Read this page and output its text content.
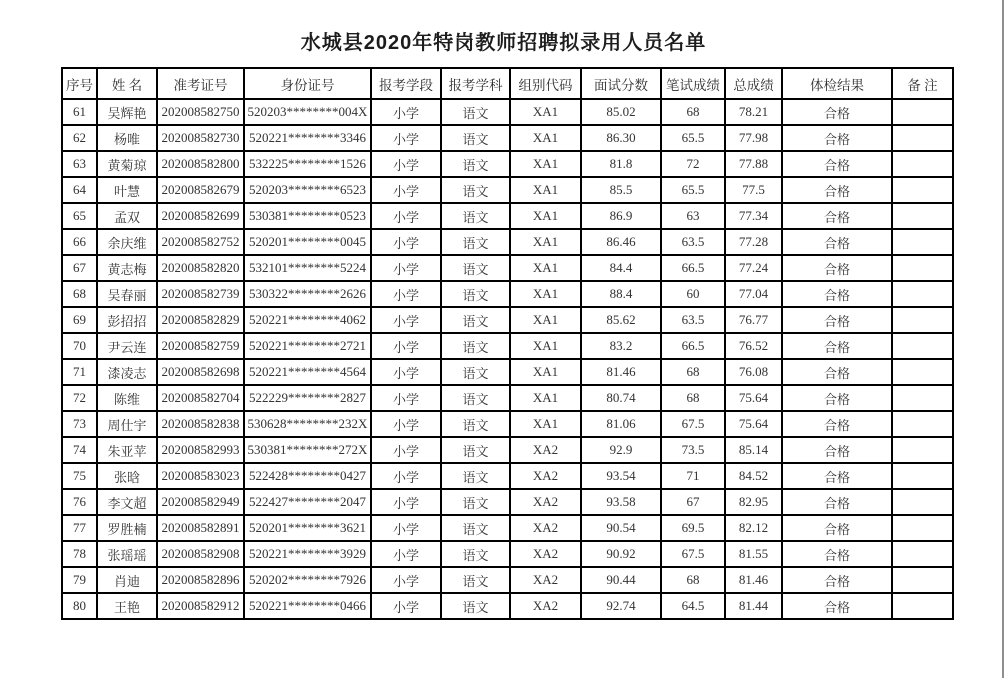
水城县2020年特岗教师招聘拟录用人员名单
序号	姓 名	准考证号	身份证号	报考学段	报考学科	组别代码	面试分数	笔试成绩	总成绩	体检结果	备 注
61	吴辉艳	202008582750	520203********004X	小学	语文	XA1	85.02	68	78.21	合格	
62	杨唯	202008582730	520221********3346	小学	语文	XA1	86.30	65.5	77.98	合格	
63	黄菊琼	202008582800	532225********1526	小学	语文	XA1	81.8	72	77.88	合格	
64	叶慧	202008582679	520203********6523	小学	语文	XA1	85.5	65.5	77.5	合格	
65	孟双	202008582699	530381********0523	小学	语文	XA1	86.9	63	77.34	合格	
66	余庆维	202008582752	520201********0045	小学	语文	XA1	86.46	63.5	77.28	合格	
67	黄志梅	202008582820	532101********5224	小学	语文	XA1	84.4	66.5	77.24	合格	
68	吴春丽	202008582739	530322********2626	小学	语文	XA1	88.4	60	77.04	合格	
69	彭招招	202008582829	520221********4062	小学	语文	XA1	85.62	63.5	76.77	合格	
70	尹云连	202008582759	520221********2721	小学	语文	XA1	83.2	66.5	76.52	合格	
71	漆凌志	202008582698	520221********4564	小学	语文	XA1	81.46	68	76.08	合格	
72	陈维	202008582704	522229********2827	小学	语文	XA1	80.74	68	75.64	合格	
73	周仕宇	202008582838	530628********232X	小学	语文	XA1	81.06	67.5	75.64	合格	
74	朱亚苹	202008582993	530381********272X	小学	语文	XA2	92.9	73.5	85.14	合格	
75	张晗	202008583023	522428********0427	小学	语文	XA2	93.54	71	84.52	合格	
76	李文超	202008582949	522427********2047	小学	语文	XA2	93.58	67	82.95	合格	
77	罗胜楠	202008582891	520201********3621	小学	语文	XA2	90.54	69.5	82.12	合格	
78	张瑶瑶	202008582908	520221********3929	小学	语文	XA2	90.92	67.5	81.55	合格	
79	肖迪	202008582896	520202********7926	小学	语文	XA2	90.44	68	81.46	合格	
80	王艳	202008582912	520221********0466	小学	语文	XA2	92.74	64.5	81.44	合格	
